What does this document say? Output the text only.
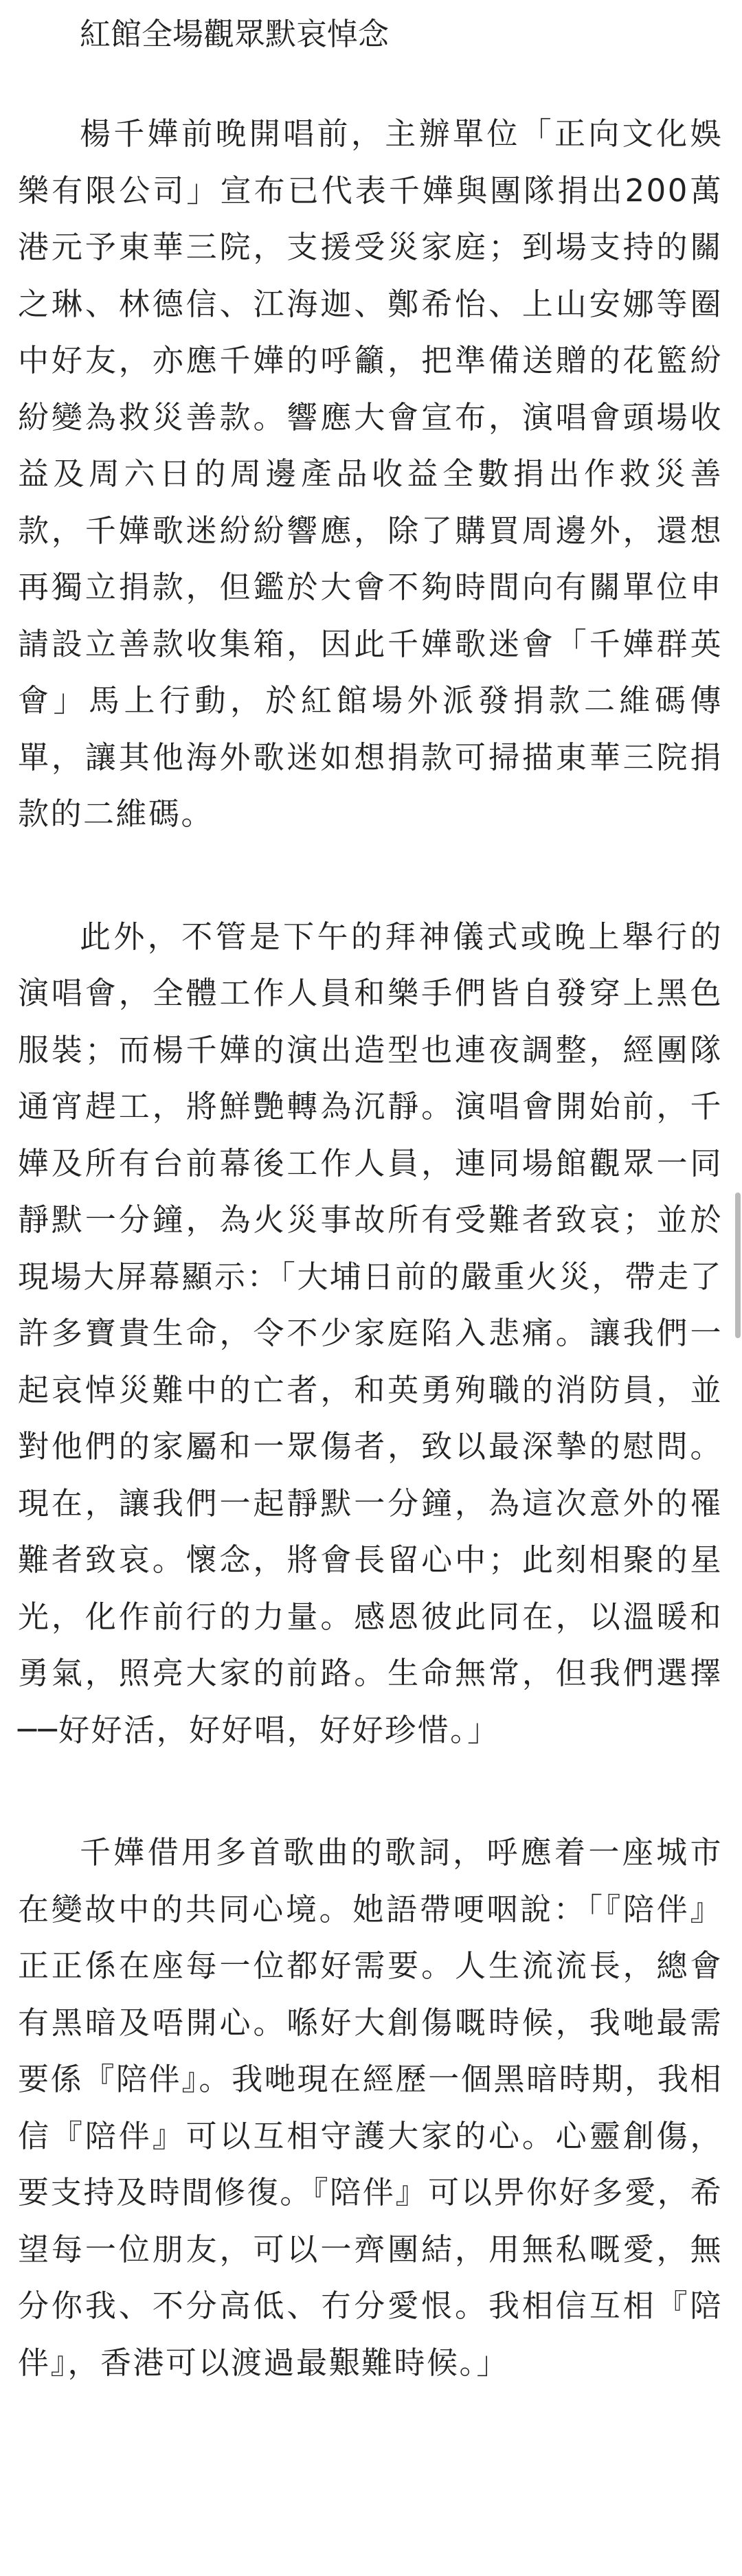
紅館全場觀眾默哀悼念

楊千嬅前晚開唱前，主辦單位「正向文化娛樂有限公司」宣布已代表千嬅與團隊捐出200萬港元予東華三院，支援受災家庭；到場支持的關之琳、林德信、江海迦、鄭希怡、上山安娜等圈中好友，亦應千嬅的呼籲，把準備送贈的花籃紛紛變為救災善款。響應大會宣布，演唱會頭場收益及周六日的周邊產品收益全數捐出作救災善款，千嬅歌迷紛紛響應，除了購買周邊外，還想再獨立捐款，但鑑於大會不夠時間向有關單位申請設立善款收集箱，因此千嬅歌迷會「千嬅群英會」馬上行動，於紅館場外派發捐款二維碼傳單，讓其他海外歌迷如想捐款可掃描東華三院捐款的二維碼。

此外，不管是下午的拜神儀式或晚上舉行的演唱會，全體工作人員和樂手們皆自發穿上黑色服裝；而楊千嬅的演出造型也連夜調整，經團隊通宵趕工，將鮮艷轉為沉靜。演唱會開始前，千嬅及所有台前幕後工作人員，連同場館觀眾一同靜默一分鐘，為火災事故所有受難者致哀；並於現場大屏幕顯示：「大埔日前的嚴重火災，帶走了許多寶貴生命，令不少家庭陷入悲痛。讓我們一起哀悼災難中的亡者，和英勇殉職的消防員，並對他們的家屬和一眾傷者，致以最深摯的慰問。現在，讓我們一起靜默一分鐘，為這次意外的罹難者致哀。懷念，將會長留心中；此刻相聚的星光，化作前行的力量。感恩彼此同在，以溫暖和勇氣，照亮大家的前路。生命無常，但我們選擇──好好活，好好唱，好好珍惜。」

千嬅借用多首歌曲的歌詞，呼應着一座城市在變故中的共同心境。她語帶哽咽說：「『陪伴』正正係在座每一位都好需要。人生流流長，總會有黑暗及唔開心。喺好大創傷嘅時候，我哋最需要係『陪伴』。我哋現在經歷一個黑暗時期，我相信『陪伴』可以互相守護大家的心。心靈創傷，要支持及時間修復。『陪伴』可以畀你好多愛，希望每一位朋友，可以一齊團結，用無私嘅愛，無分你我、不分高低、冇分愛恨。我相信互相『陪伴』，香港可以渡過最艱難時候。」
